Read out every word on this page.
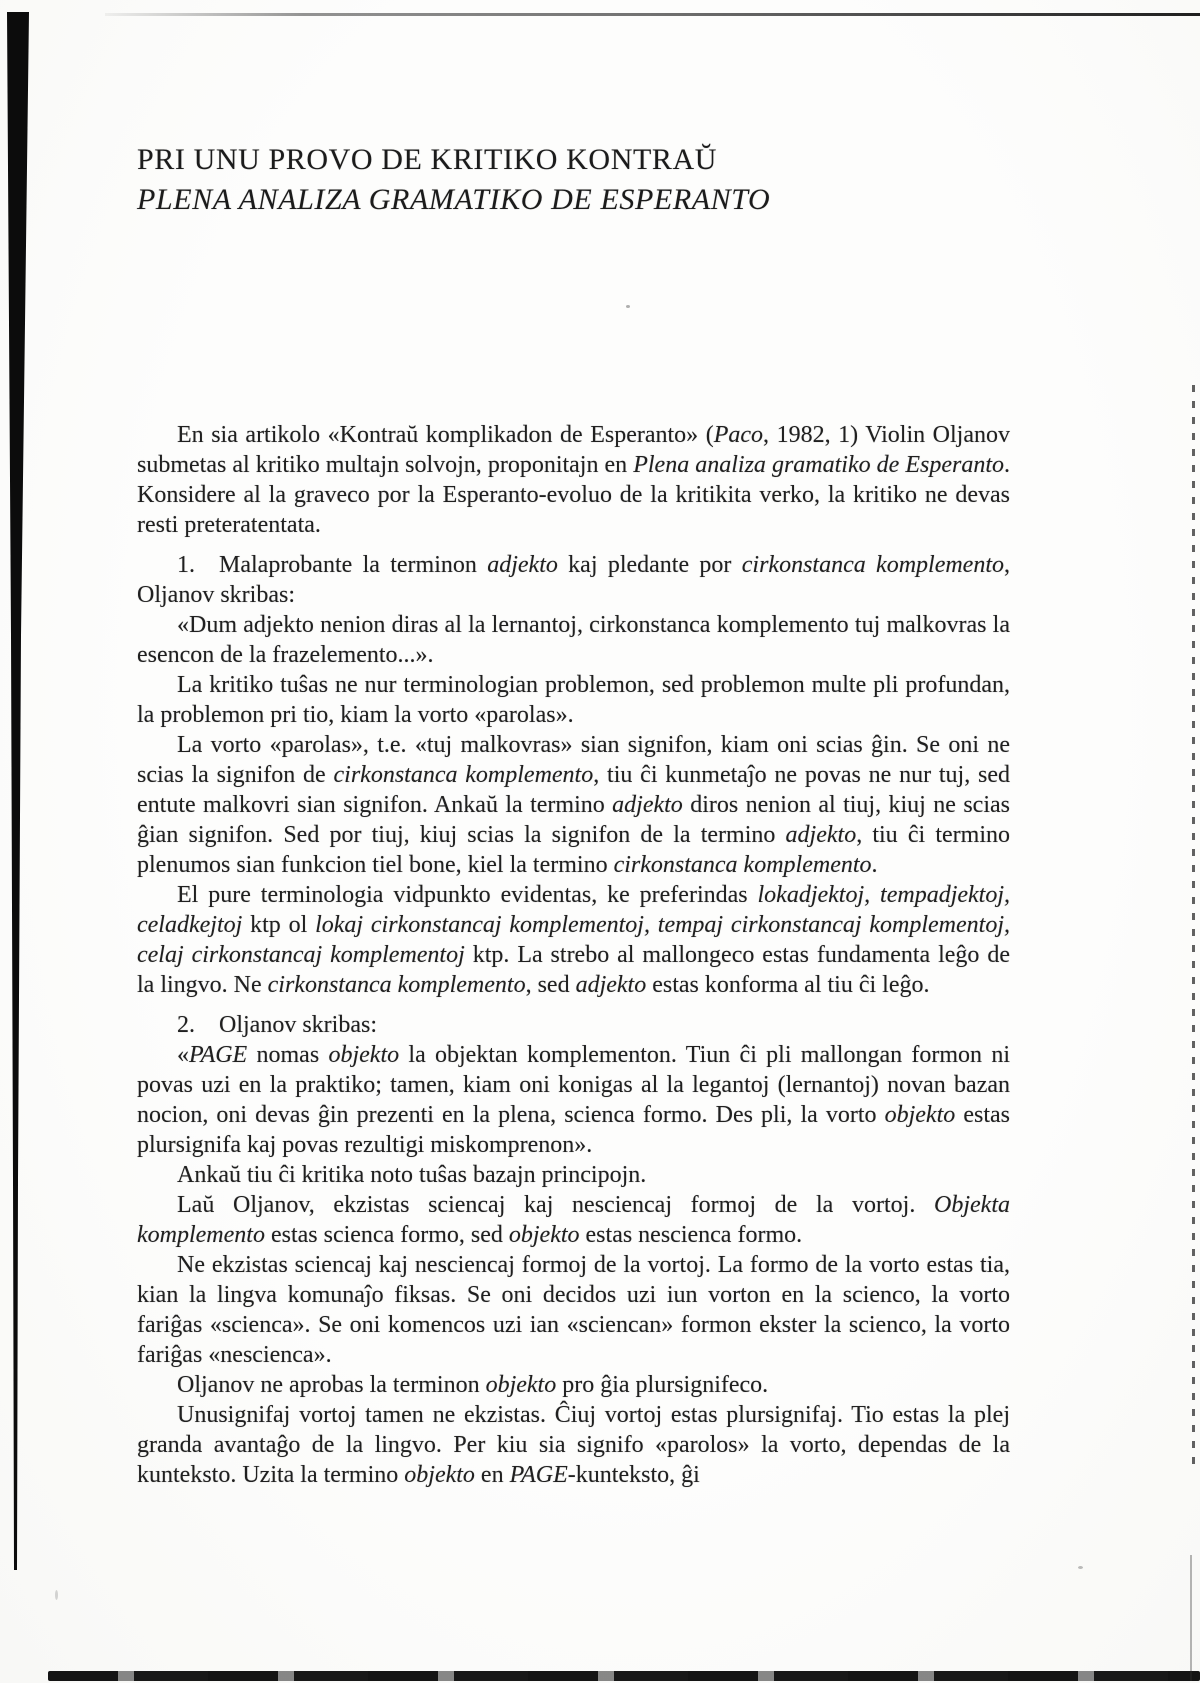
PRI UNU PROVO DE KRITIKO KONTRAŬ
PLENA ANALIZA GRAMATIKO DE ESPERANTO

En sia artikolo «Kontraŭ komplikadon de Esperanto» (Paco, 1982, 1) Violin Oljanov submetas al kritiko multajn solvojn, proponitajn en Plena analiza gramatiko de Esperanto. Konsidere al la graveco por la Esperanto-evoluo de la kritikita verko, la kritiko ne devas resti preteratentata.

1. Malaprobante la terminon adjekto kaj pledante por cirkonstanca komplemento, Oljanov skribas:

«Dum adjekto nenion diras al la lernantoj, cirkonstanca komplemento tuj malkovras la esencon de la frazelemento...».

La kritiko tuŝas ne nur terminologian problemon, sed problemon multe pli profundan, la problemon pri tio, kiam la vorto «parolas».

La vorto «parolas», t.e. «tuj malkovras» sian signifon, kiam oni scias ĝin. Se oni ne scias la signifon de cirkonstanca komplemento, tiu ĉi kunmetaĵo ne povas ne nur tuj, sed entute malkovri sian signifon. Ankaŭ la termino adjekto diros nenion al tiuj, kiuj ne scias ĝian signifon. Sed por tiuj, kiuj scias la signifon de la termino adjekto, tiu ĉi termino plenumos sian funkcion tiel bone, kiel la termino cirkonstanca komplemento.

El pure terminologia vidpunkto evidentas, ke preferindas lokadjektoj, tempadjektoj, celadkejtoj ktp ol lokaj cirkonstancaj komplementoj, tempaj cirkonstancaj komplementoj, celaj cirkonstancaj komplementoj ktp. La strebo al mallongeco estas fundamenta leĝo de la lingvo. Ne cirkonstanca komplemento, sed adjekto estas konforma al tiu ĉi leĝo.

2. Oljanov skribas:

«PAGE nomas objekto la objektan komplementon. Tiun ĉi pli mallongan formon ni povas uzi en la praktiko; tamen, kiam oni konigas al la legantoj (lernantoj) novan bazan nocion, oni devas ĝin prezenti en la plena, scienca formo. Des pli, la vorto objekto estas plursignifa kaj povas rezultigi miskomprenon».

Ankaŭ tiu ĉi kritika noto tuŝas bazajn principojn.

Laŭ Oljanov, ekzistas sciencaj kaj nesciencaj formoj de la vortoj. Objekta komplemento estas scienca formo, sed objekto estas nescienca formo.

Ne ekzistas sciencaj kaj nesciencaj formoj de la vortoj. La formo de la vorto estas tia, kian la lingva komunaĵo fiksas. Se oni decidos uzi iun vorton en la scienco, la vorto fariĝas «scienca». Se oni komencos uzi ian «sciencan» formon ekster la scienco, la vorto fariĝas «nescienca».

Oljanov ne aprobas la terminon objekto pro ĝia plursignifeco.

Unusignifaj vortoj tamen ne ekzistas. Ĉiuj vortoj estas plursignifaj. Tio estas la plej granda avantaĝo de la lingvo. Per kiu sia signifo «parolos» la vorto, dependas de la kunteksto. Uzita la termino objekto en PAGE-kunteksto, ĝi
